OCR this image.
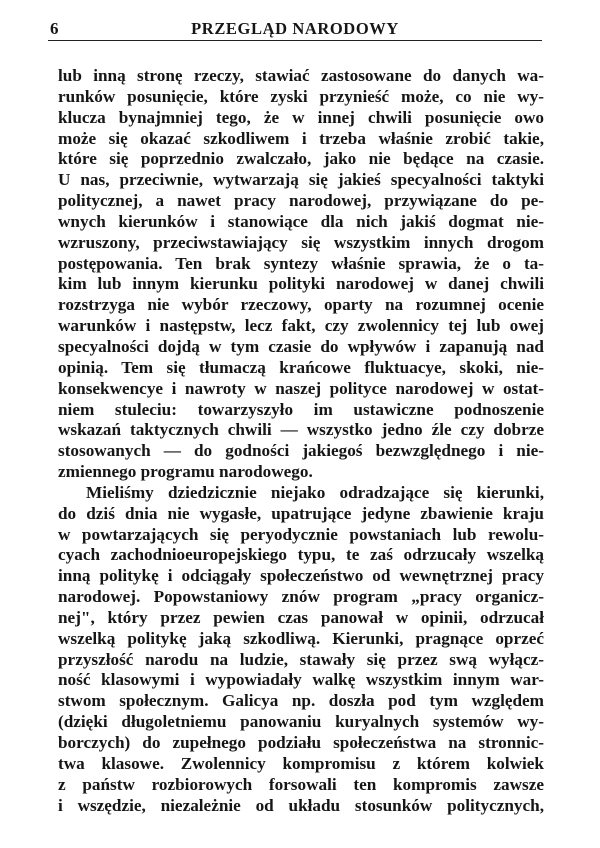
6	PRZEGLĄD NARODOWY
lub inną stronę rzeczy, stawiać zastosowane do danych wa-
runków posunięcie, które zyski przynieść może, co nie wy-
klucza bynajmniej tego, że w innej chwili posunięcie owo
może się okazać szkodliwem i trzeba właśnie zrobić takie,
które się poprzednio zwalczało, jako nie będące na czasie.
U nas, przeciwnie, wytwarzają się jakieś specyalności taktyki
politycznej, a nawet pracy narodowej, przywiązane do pe-
wnych kierunków i stanowiące dla nich jakiś dogmat nie-
wzruszony, przeciwstawiający się wszystkim innych drogom
postępowania. Ten brak syntezy właśnie sprawia, że o ta-
kim lub innym kierunku polityki narodowej w danej chwili
rozstrzyga nie wybór rzeczowy, oparty na rozumnej ocenie
warunków i następstw, lecz fakt, czy zwolennicy tej lub owej
specyalności dojdą w tym czasie do wpływów i zapanują nad
opinią. Tem się tłumaczą krańcowe fluktuacye, skoki, nie-
konsekwencye i nawroty w naszej polityce narodowej w ostat-
niem stuleciu: towarzyszyło im ustawiczne podnoszenie
wskazań taktycznych chwili — wszystko jedno źle czy dobrze
stosowanych — do godności jakiegoś bezwzględnego i nie-
zmiennego programu narodowego.
Mieliśmy dziedzicznie niejako odradzające się kierunki,
do dziś dnia nie wygasłe, upatrujące jedyne zbawienie kraju
w powtarzających się peryodycznie powstaniach lub rewolu-
cyach zachodnioeuropejskiego typu, te zaś odrzucały wszelką
inną politykę i odciągały społeczeństwo od wewnętrznej pracy
narodowej. Popowstaniowy znów program „pracy organicz-
nej", który przez pewien czas panował w opinii, odrzucał
wszelką politykę jaką szkodliwą. Kierunki, pragnące oprzeć
przyszłość narodu na ludzie, stawały się przez swą wyłącz-
ność klasowymi i wypowiadały walkę wszystkim innym war-
stwom społecznym. Galicya np. doszła pod tym względem
(dzięki długoletniemu panowaniu kuryalnych systemów wy-
borczych) do zupełnego podziału społeczeństwa na stronnic-
twa klasowe. Zwolennicy kompromisu z którem kolwiek
z państw rozbiorowych forsowali ten kompromis zawsze
i wszędzie, niezależnie od układu stosunków politycznych,
